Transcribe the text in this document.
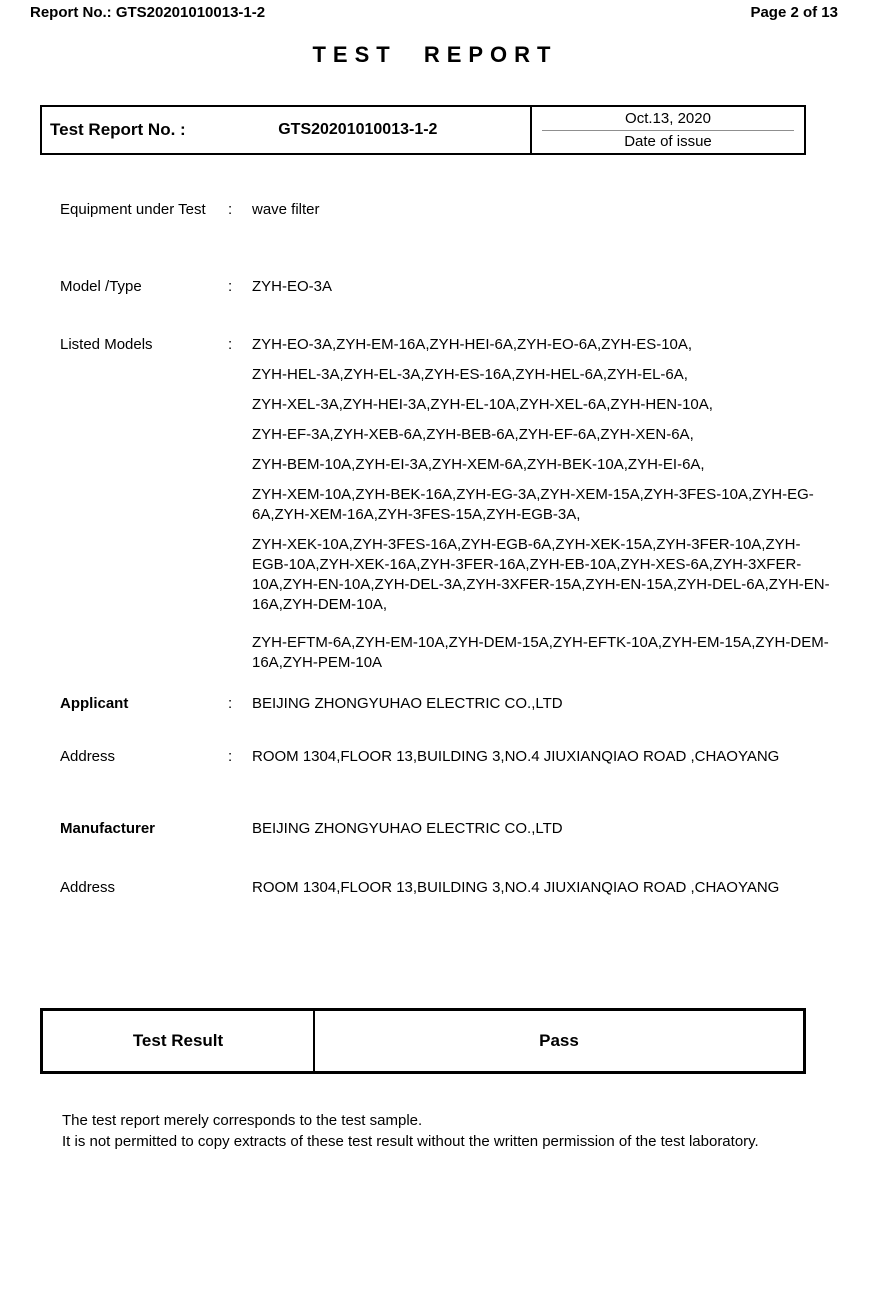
Report No.: GTS20201010013-1-2	Page 2 of 13
TEST REPORT
Test Report No. :	GTS20201010013-1-2
Oct.13, 2020
Date of issue
Equipment under Test :	wave filter
Model /Type	:	ZYH-EO-3A
Listed Models	:	ZYH-EO-3A,ZYH-EM-16A,ZYH-HEI-6A,ZYH-EO-6A,ZYH-ES-10A,

ZYH-HEL-3A,ZYH-EL-3A,ZYH-ES-16A,ZYH-HEL-6A,ZYH-EL-6A,

ZYH-XEL-3A,ZYH-HEI-3A,ZYH-EL-10A,ZYH-XEL-6A,ZYH-HEN-10A,

ZYH-EF-3A,ZYH-XEB-6A,ZYH-BEB-6A,ZYH-EF-6A,ZYH-XEN-6A,

ZYH-BEM-10A,ZYH-EI-3A,ZYH-XEM-6A,ZYH-BEK-10A,ZYH-EI-6A,

ZYH-XEM-10A,ZYH-BEK-16A,ZYH-EG-3A,ZYH-XEM-15A,ZYH-3FES-10A,ZYH-EG-6A,ZYH-XEM-16A,ZYH-3FES-15A,ZYH-EGB-3A,

ZYH-XEK-10A,ZYH-3FES-16A,ZYH-EGB-6A,ZYH-XEK-15A,ZYH-3FER-10A,ZYH-EGB-10A,ZYH-XEK-16A,ZYH-3FER-16A,ZYH-EB-10A,ZYH-XES-6A,ZYH-3XFER-10A,ZYH-EN-10A,ZYH-DEL-3A,ZYH-3XFER-15A,ZYH-EN-15A,ZYH-DEL-6A,ZYH-EN-16A,ZYH-DEM-10A,

ZYH-EFTM-6A,ZYH-EM-10A,ZYH-DEM-15A,ZYH-EFTK-10A,ZYH-EM-15A,ZYH-DEM-16A,ZYH-PEM-10A

Applicant	:	BEIJING ZHONGYUHAO ELECTRIC CO.,LTD
Address	:	ROOM 1304,FLOOR 13,BUILDING 3,NO.4 JIUXIANQIAO ROAD ,CHAOYANG
Manufacturer	BEIJING ZHONGYUHAO ELECTRIC CO.,LTD
Address	ROOM 1304,FLOOR 13,BUILDING 3,NO.4 JIUXIANQIAO ROAD ,CHAOYANG
Test Result	Pass
The test report merely corresponds to the test sample.
It is not permitted to copy extracts of these test result without the written permission of the test laboratory.
